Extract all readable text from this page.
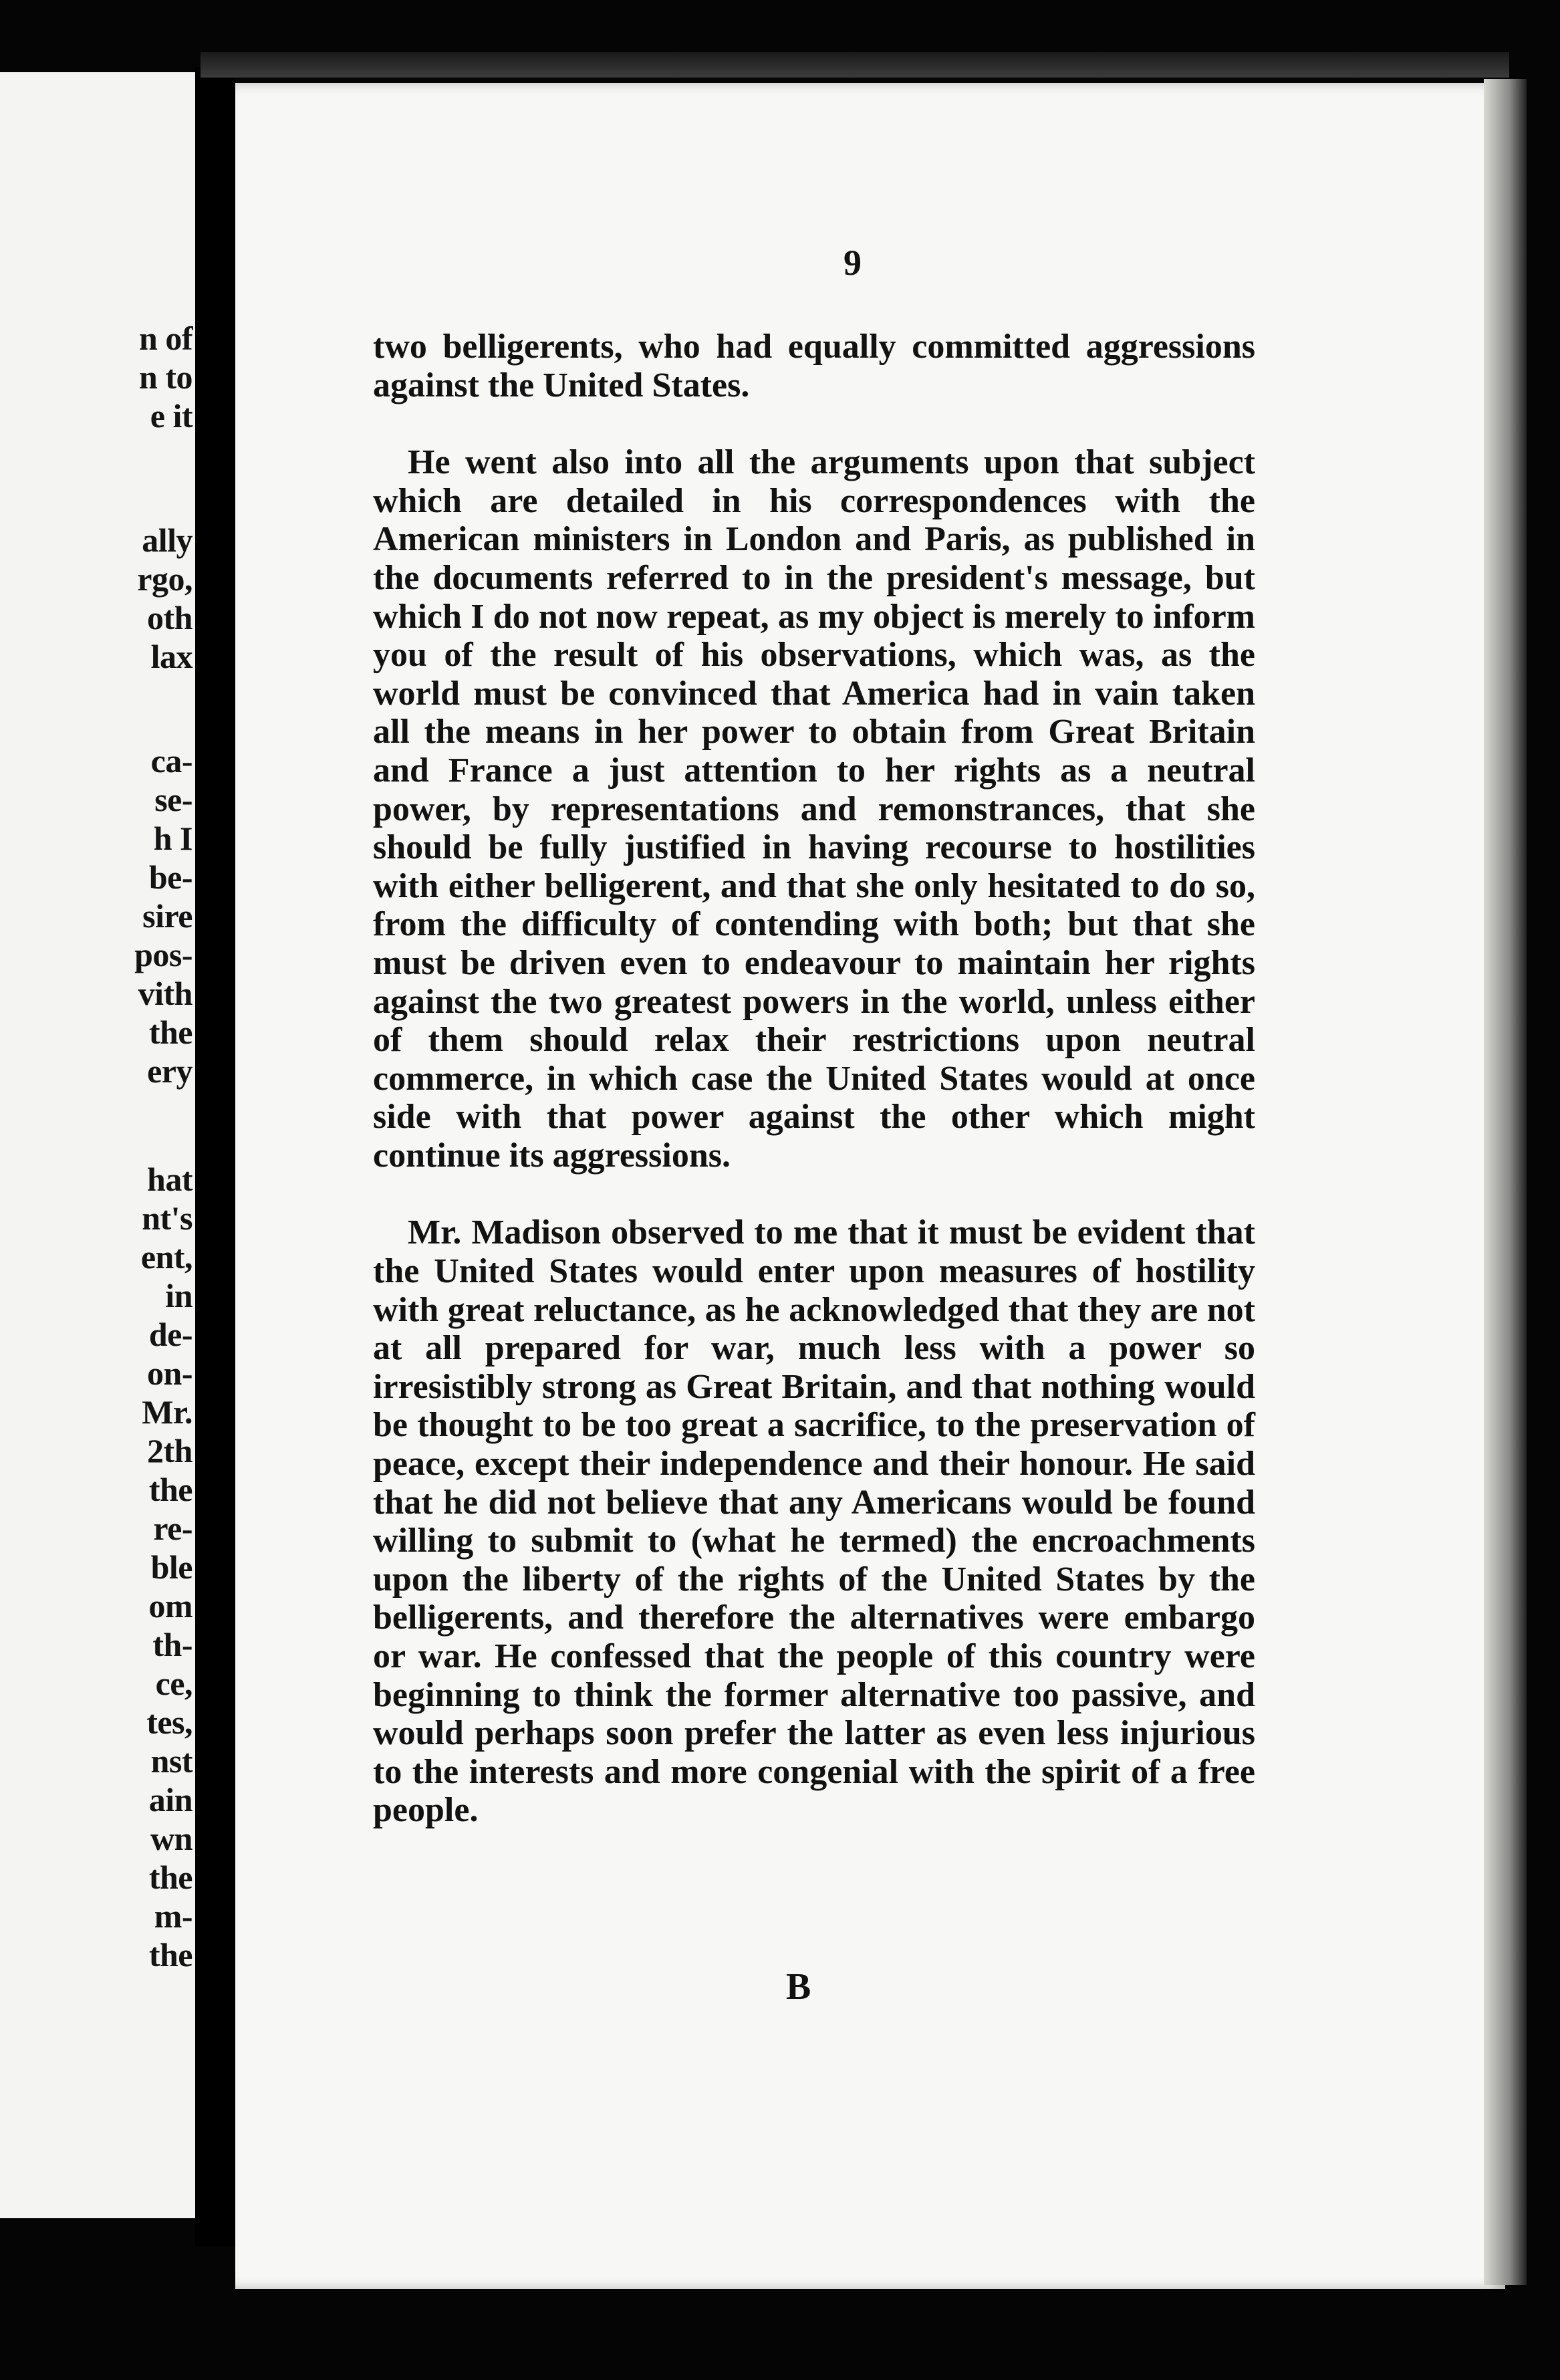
n of
n to
e it
ally
rgo,
oth
lax
ca-
se-
h I
be-
sire
pos-
vith
the
ery
hat
nt's
ent,
in
de-
on-
Mr.
2th
the
re-
ble
om
th-
ce,
tes,
nst
ain
wn
the
m-
the
9

two belligerents, who had equally committed aggressions against the United States.

He went also into all the arguments upon that subject which are detailed in his correspondences with the American ministers in London and Paris, as published in the documents referred to in the president's message, but which I do not now repeat, as my object is merely to inform you of the result of his observations, which was, as the world must be convinced that America had in vain taken all the means in her power to obtain from Great Britain and France a just attention to her rights as a neutral power, by representations and remonstrances, that she should be fully justified in having recourse to hostilities with either belligerent, and that she only hesitated to do so, from the difficulty of contending with both; but that she must be driven even to endeavour to maintain her rights against the two greatest powers in the world, unless either of them should relax their restrictions upon neutral commerce, in which case the United States would at once side with that power against the other which might continue its aggressions.

Mr. Madison observed to me that it must be evident that the United States would enter upon measures of hostility with great reluctance, as he acknowledged that they are not at all prepared for war, much less with a power so irresistibly strong as Great Britain, and that nothing would be thought to be too great a sacrifice, to the preservation of peace, except their independence and their honour. He said that he did not believe that any Americans would be found willing to submit to (what he termed) the encroachments upon the liberty of the rights of the United States by the belligerents, and therefore the alternatives were embargo or war. He confessed that the people of this country were beginning to think the former alternative too passive, and would perhaps soon prefer the latter as even less injurious to the interests and more congenial with the spirit of a free people.

B
